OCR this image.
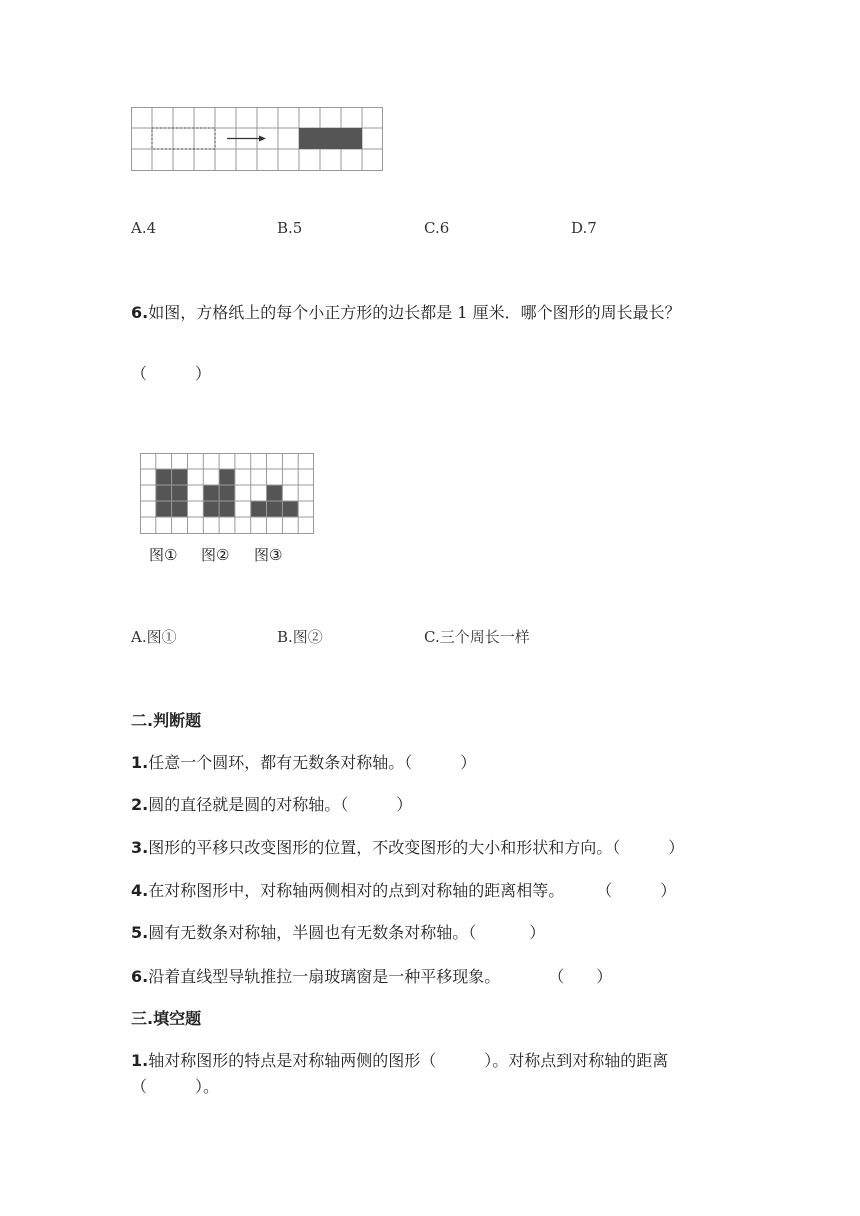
A.4	B.5	C.6	D.7
6.如图，方格纸上的每个小正方形的边长都是 1 厘米．哪个图形的周长最长？
（　　　）
图① 图② 图③
A.图①	B.图②	C.三个周长一样
二.判断题
1.任意一个圆环，都有无数条对称轴。（　　　）
2.圆的直径就是圆的对称轴。（　　　）
3.图形的平移只改变图形的位置，不改变图形的大小和形状和方向。（　　　）
4.在对称图形中，对称轴两侧相对的点到对称轴的距离相等。　　　（　　　）
5.圆有无数条对称轴，半圆也有无数条对称轴。（　　　 ）
6.沿着直线型导轨推拉一扇玻璃窗是一种平移现象。　　　　（　　）
三.填空题
1.轴对称图形的特点是对称轴两侧的图形（　　　）。对称点到对称轴的距离
（　　　）。
